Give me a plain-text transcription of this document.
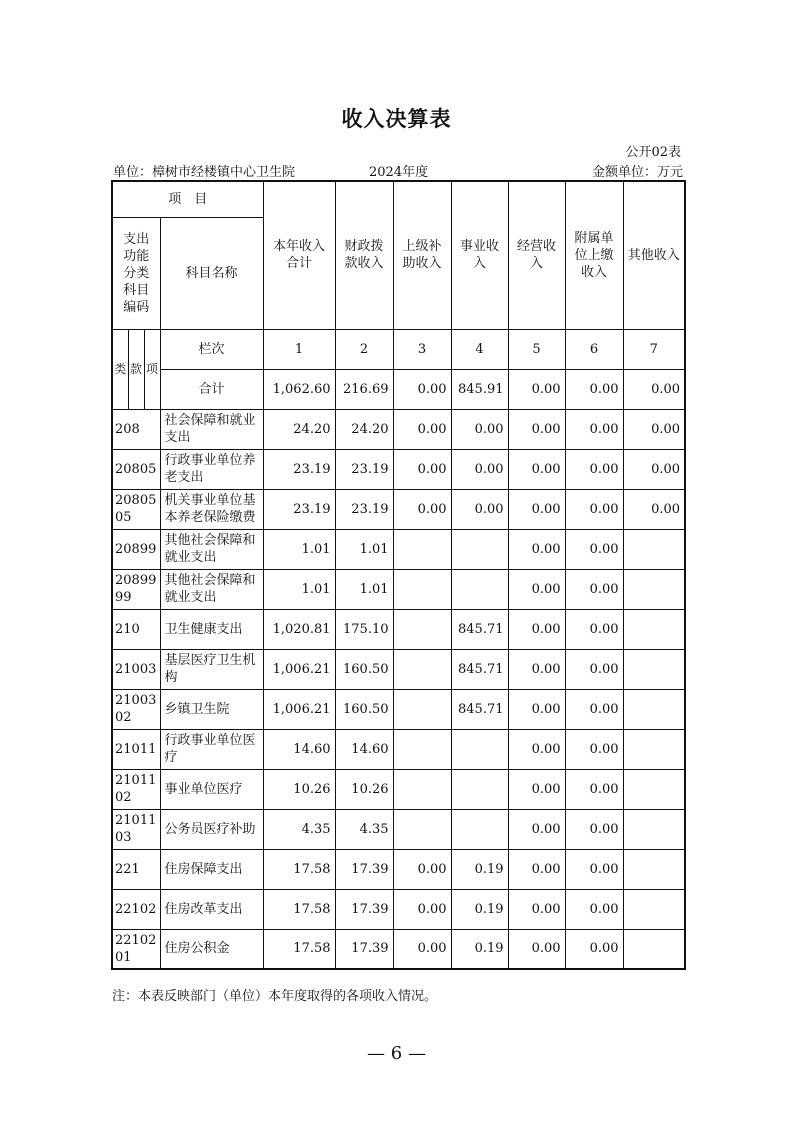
收入决算表
公开02表
单位：樟树市经楼镇中心卫生院	2024年度	金额单位：万元
项　目				本年收入合计	财政拨款收入	上级补助收入	事业收入	经营收入	附属单位上缴收入	其他收入
支出功能分类科目编码			科目名称							
类	款	项	栏次	1	2	3	4	5	6	7
			合计	1,062.60	216.69	0.00	845.91	0.00	0.00	0.00
208			社会保障和就业支出	24.20	24.20	0.00	0.00	0.00	0.00	0.00
20805			行政事业单位养老支出	23.19	23.19	0.00	0.00	0.00	0.00	0.00
2080505			机关事业单位基本养老保险缴费	23.19	23.19	0.00	0.00	0.00	0.00	0.00
20899			其他社会保障和就业支出	1.01	1.01			0.00	0.00	
2089999			其他社会保障和就业支出	1.01	1.01			0.00	0.00	
210			卫生健康支出	1,020.81	175.10		845.71	0.00	0.00	
21003			基层医疗卫生机构	1,006.21	160.50		845.71	0.00	0.00	
2100302			乡镇卫生院	1,006.21	160.50		845.71	0.00	0.00	
21011			行政事业单位医疗	14.60	14.60			0.00	0.00	
2101102			事业单位医疗	10.26	10.26			0.00	0.00	
2101103			公务员医疗补助	4.35	4.35			0.00	0.00	
221			住房保障支出	17.58	17.39	0.00	0.19	0.00	0.00	
22102			住房改革支出	17.58	17.39	0.00	0.19	0.00	0.00	
2210201			住房公积金	17.58	17.39	0.00	0.19	0.00	0.00	
注：本表反映部门（单位）本年度取得的各项收入情况。
— 6 —
